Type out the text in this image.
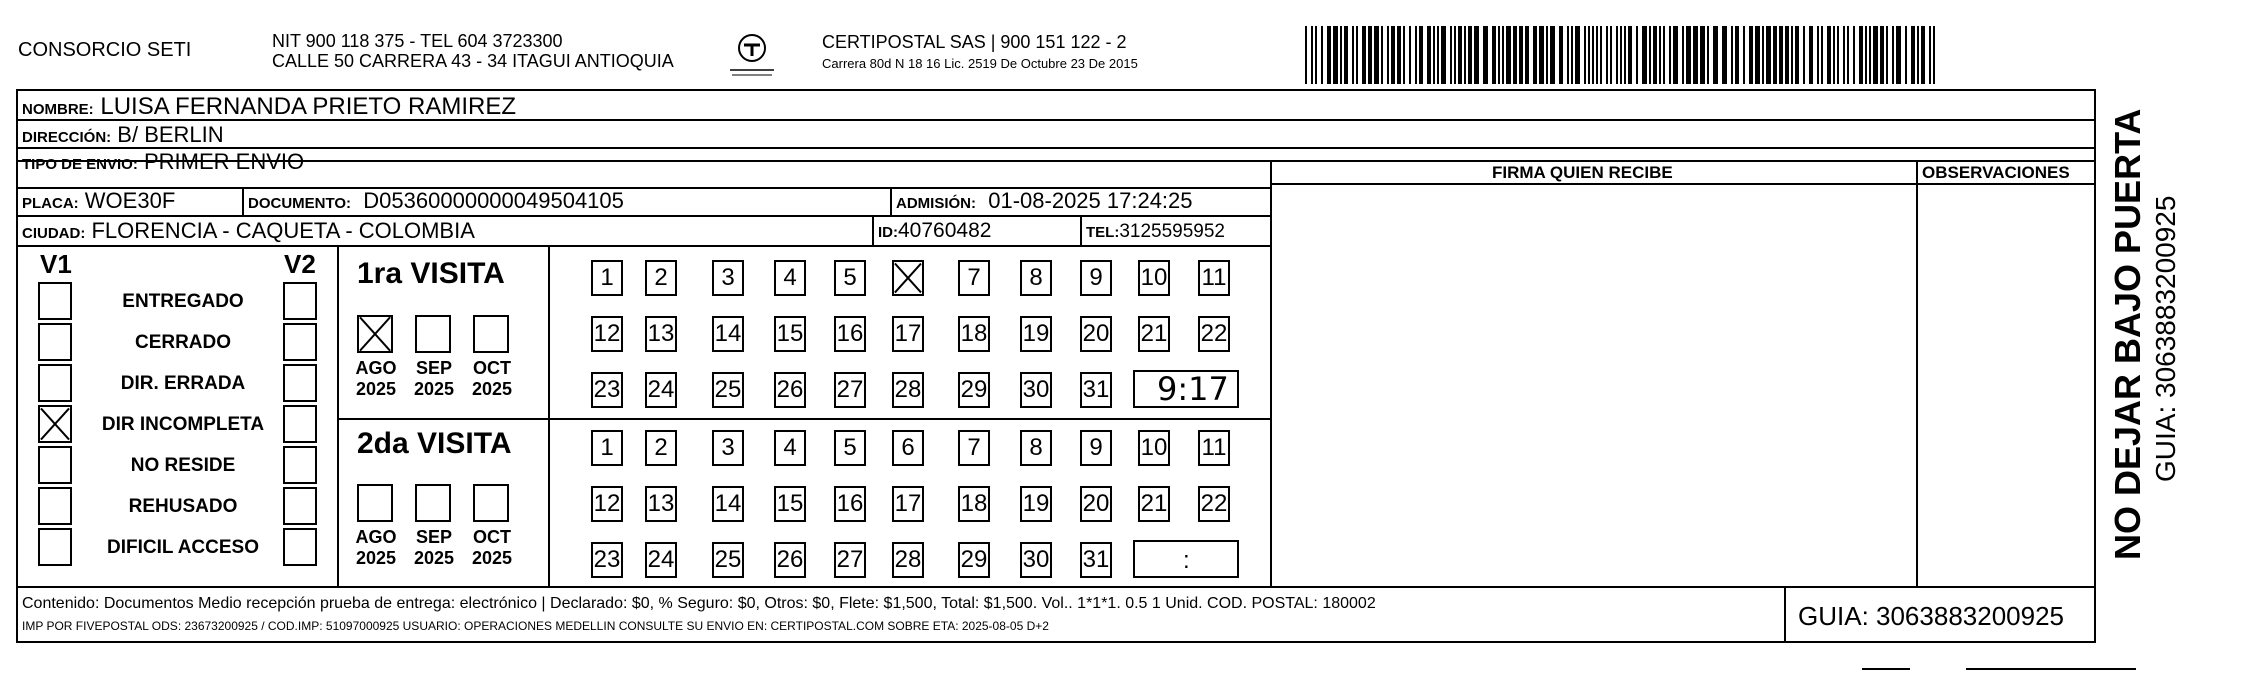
CONSORCIO SETI	NIT 900 118 375 - TEL 604 3723300
CALLE 50 CARRERA 43 - 34 ITAGUI ANTIOQUIA
CERTIPOSTAL SAS | 900 151 122 - 2
Carrera 80d N 18 16 Lic. 2519 De Octubre 23 De 2015
NOMBRE: LUISA FERNANDA PRIETO RAMIREZ
DIRECCIÓN: B/ BERLIN
TIPO DE ENVIO: PRIMER ENVIO
PLACA: WOE30F	DOCUMENTO: D05360000000049504105	ADMISIÓN: 01-08-2025 17:24:25
CIUDAD: FLORENCIA - CAQUETA - COLOMBIA	ID:40760482	TEL:3125595952
FIRMA QUIEN RECIBE	OBSERVACIONES
V1	V2
ENTREGADO
CERRADO
DIR. ERRADA
DIR INCOMPLETA
NO RESIDE
REHUSADO
DIFICIL ACCESO
1ra VISITA
2da VISITA
AGO
2025
SEP
2025
OCT
2025
AGO
2025
SEP
2025
OCT
2025
1	2	3	4	5	7	8	9	10 11
12 13 14 15 16 17 18 19 20 21 22
23 24 25 26 27 28 29 30 31
1	2	3	4	5	6	7	8	9	10 11
12 13 14 15 16 17 18 19 20 21 22
23 24 25 26 27 28 29 30 31
9:17
:
Contenido: Documentos Medio recepción prueba de entrega: electrónico | Declarado: $0, % Seguro: $0, Otros: $0, Flete: $1,500, Total: $1,500. Vol.. 1*1*1. 0.5 1 Unid. COD. POSTAL: 180002
IMP POR FIVEPOSTAL ODS: 23673200925 / COD.IMP: 51097000925 USUARIO: OPERACIONES MEDELLIN CONSULTE SU ENVIO EN: CERTIPOSTAL.COM SOBRE ETA: 2025-08-05 D+2	GUIA: 3063883200925
NO DEJAR BAJO PUERTA GUIA: 3063883200925
